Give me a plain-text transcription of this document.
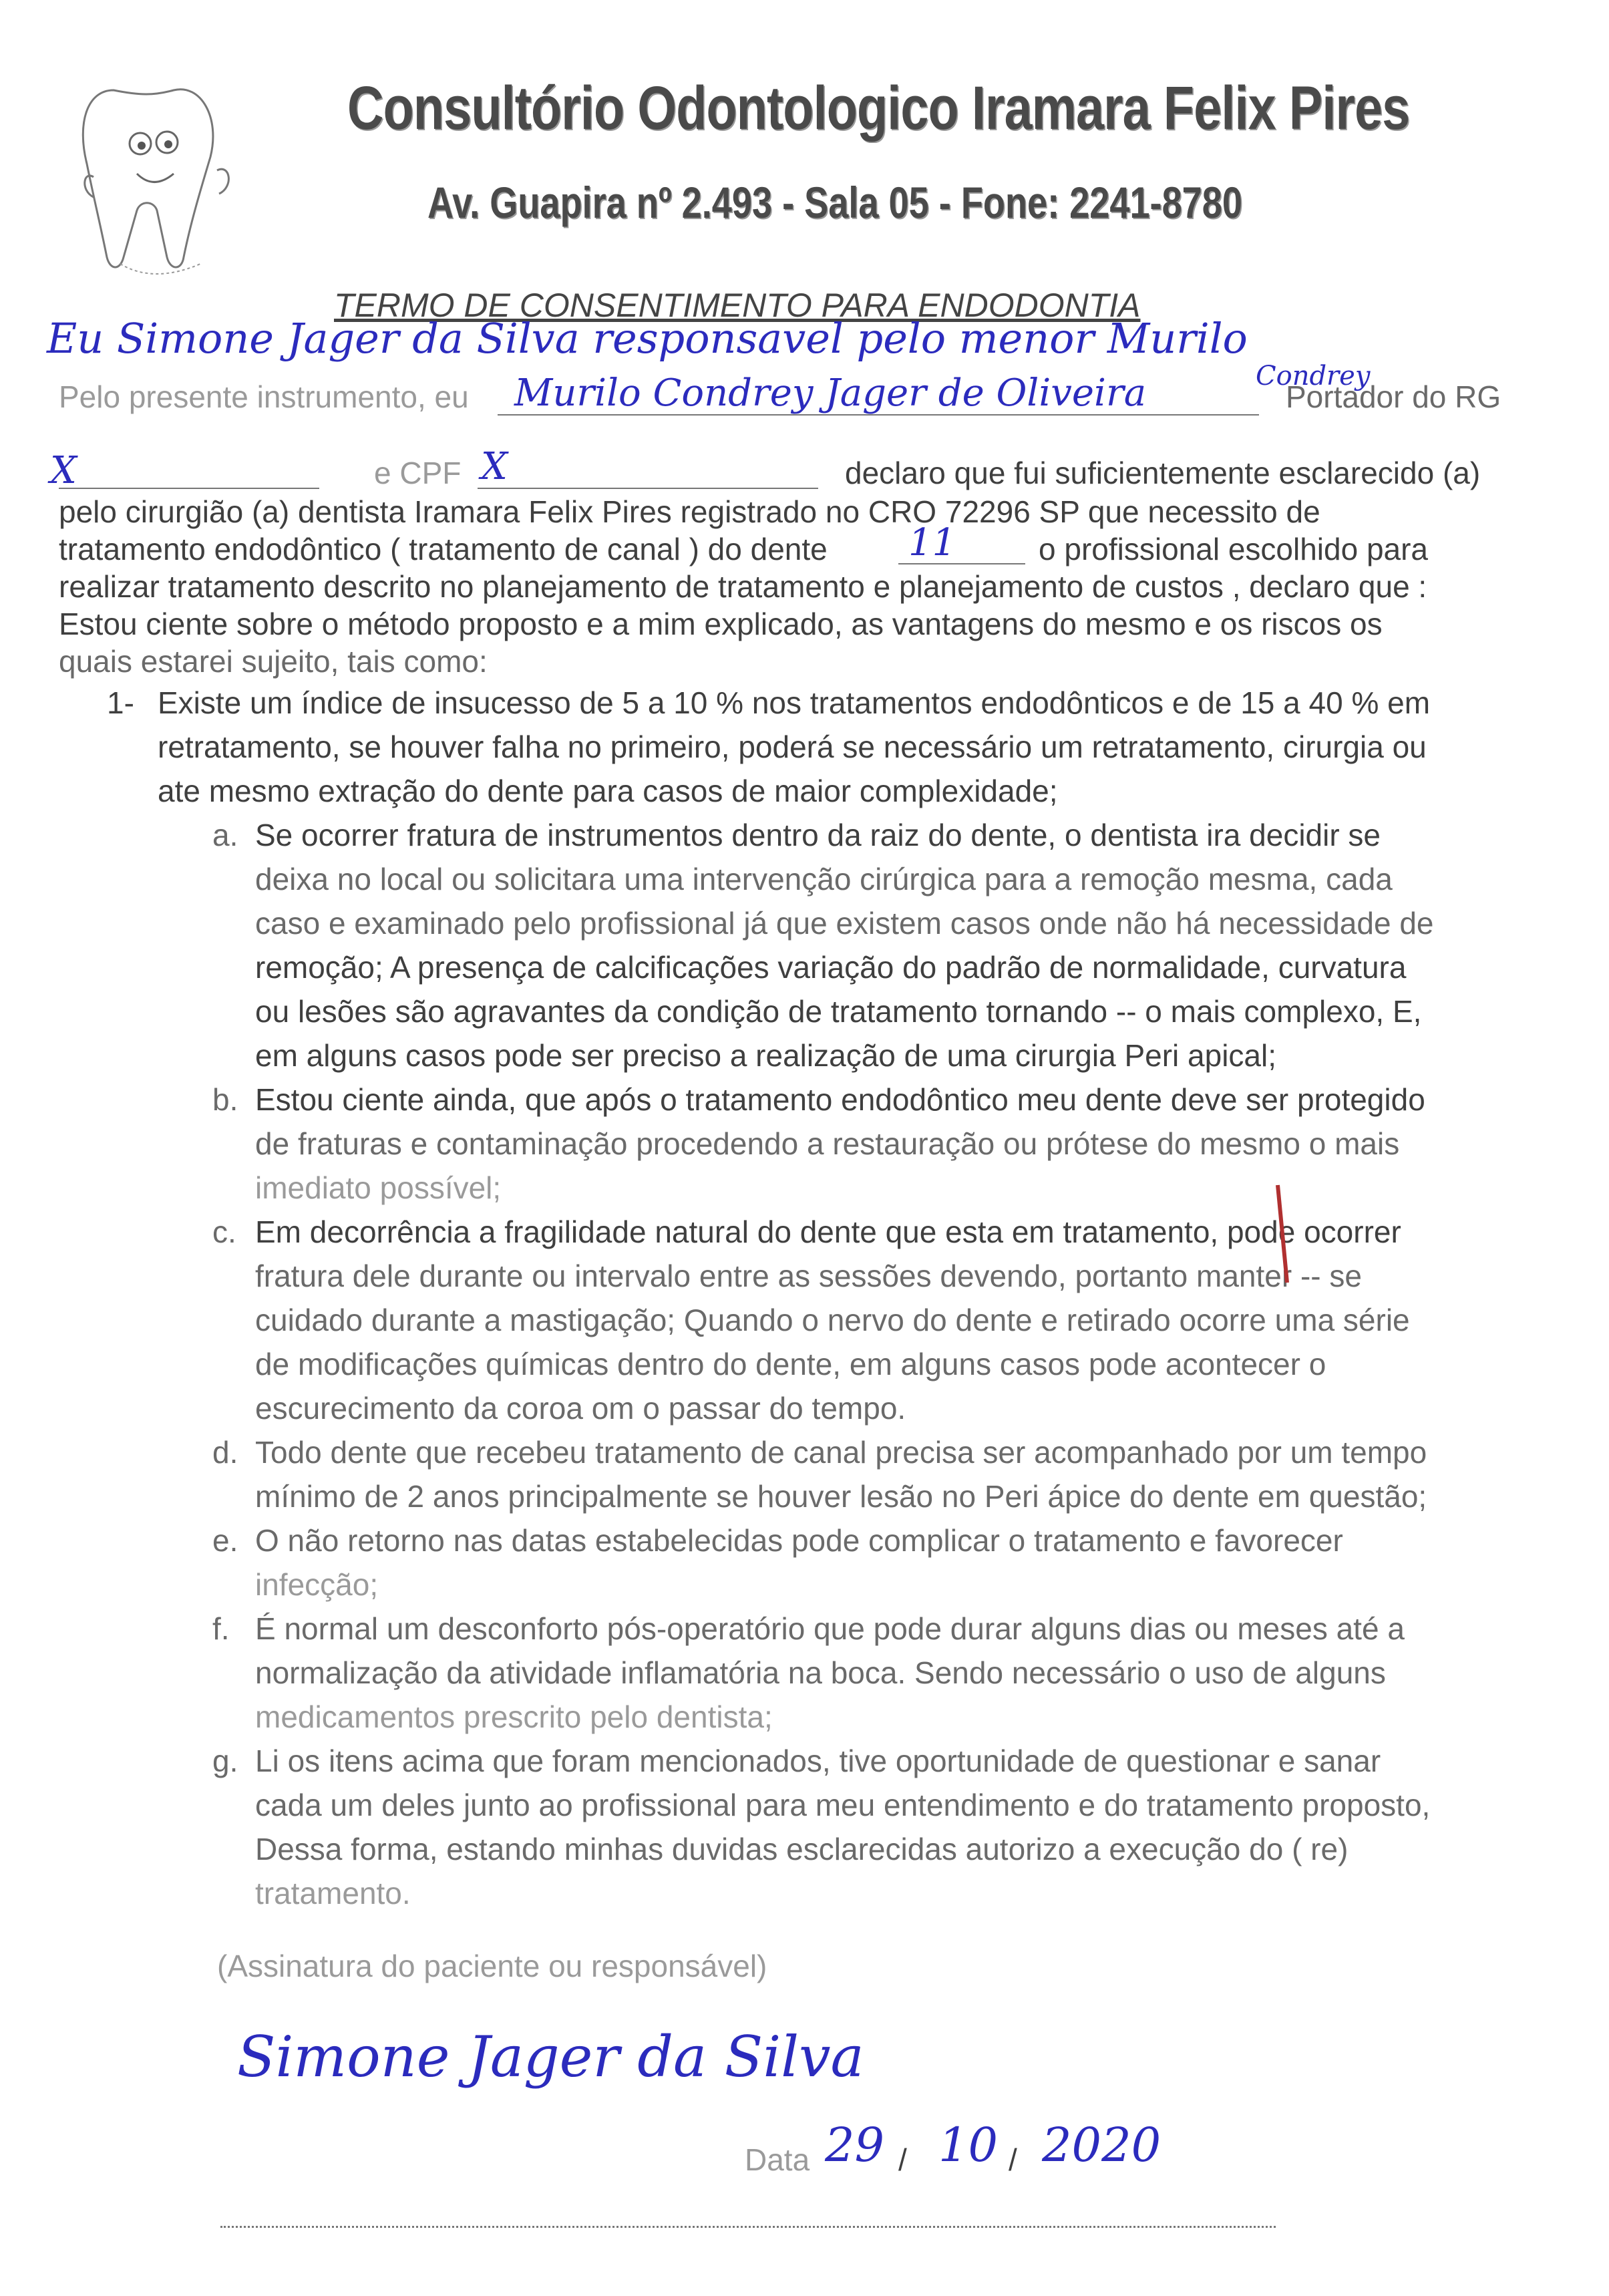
Consultório Odontologico Iramara Felix Pires
Av. Guapira nº 2.493 - Sala 05 - Fone: 2241-8780
TERMO DE CONSENTIMENTO PARA ENDODONTIA
Eu Simone Jager da Silva responsavel pelo menor Murilo
Condrey
Pelo presente instrumento, eu Murilo Condrey Jager de Oliveira	Portador do RG
X	e CPF X	declaro que fui suficientemente esclarecido (a)
pelo cirurgião (a) dentista Iramara Felix Pires registrado no CRO 72296 SP que necessito de
tratamento endodôntico ( tratamento de canal ) do dente 11	o profissional escolhido para
realizar tratamento descrito no planejamento de tratamento e planejamento de custos , declaro que :
Estou ciente sobre o método proposto e a mim explicado, as vantagens do mesmo e os riscos os
quais estarei sujeito, tais como:
1- Existe um índice de insucesso de 5 a 10 % nos tratamentos endodônticos e de 15 a 40 % em
retratamento, se houver falha no primeiro, poderá se necessário um retratamento, cirurgia ou
ate mesmo extração do dente para casos de maior complexidade;
a. Se ocorrer fratura de instrumentos dentro da raiz do dente, o dentista ira decidir se
deixa no local ou solicitara uma intervenção cirúrgica para a remoção mesma, cada
caso e examinado pelo profissional já que existem casos onde não há necessidade de
remoção; A presença de calcificações variação do padrão de normalidade, curvatura
ou lesões são agravantes da condição de tratamento tornando -- o mais complexo, E,
em alguns casos pode ser preciso a realização de uma cirurgia Peri apical;
b. Estou ciente ainda, que após o tratamento endodôntico meu dente deve ser protegido
de fraturas e contaminação procedendo a restauração ou prótese do mesmo o mais
imediato possível;
c. Em decorrência a fragilidade natural do dente que esta em tratamento, pode ocorrer
fratura dele durante ou intervalo entre as sessões devendo, portanto manter -- se
cuidado durante a mastigação; Quando o nervo do dente e retirado ocorre uma série
de modificações químicas dentro do dente, em alguns casos pode acontecer o
escurecimento da coroa om o passar do tempo.
d. Todo dente que recebeu tratamento de canal precisa ser acompanhado por um tempo
mínimo de 2 anos principalmente se houver lesão no Peri ápice do dente em questão;
e. O não retorno nas datas estabelecidas pode complicar o tratamento e favorecer
infecção;
f. É normal um desconforto pós-operatório que pode durar alguns dias ou meses até a
normalização da atividade inflamatória na boca. Sendo necessário o uso de alguns
medicamentos prescrito pelo dentista;
g. Li os itens acima que foram mencionados, tive oportunidade de questionar e sanar
cada um deles junto ao profissional para meu entendimento e do tratamento proposto,
Dessa forma, estando minhas duvidas esclarecidas autorizo a execução do ( re)
tratamento.
(Assinatura do paciente ou responsável)
Simone Jager da Silva
Data 29 / 10 / 2020
